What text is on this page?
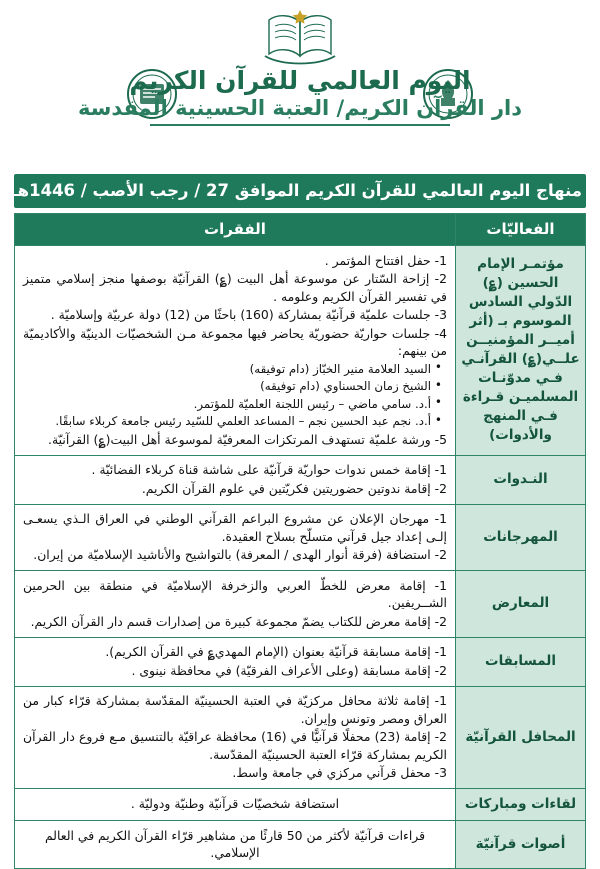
اليوم العالمي للقرآن الكريم
دار القرآن الكريم/ العتبة الحسينية المقدسة
منهاج اليوم العالمي للقرآن الكريم الموافق 27 / رجب الأصب / 1446هـ
الفعاليّات	الفقرات
مؤتمـر الإمام الحسين (؏) الدّولي السادس الموسوم بـ (أثر أميــر المؤمنيــن علــي(؏) القرآنـي فـي مدوّنـات المسلميـن قـراءة فـي المنهج والأدوات)	
1- حفل افتتاح المؤتمر .
2- إزاحة السّتار عن موسوعة أهل البيت (؏) القرآنيّة بوصفها منجز إسلامي متميز في تفسير القرآن الكريم وعلومه .
3- جلسات علميّة قرآنيّة بمشاركة (160) باحثًا من (12) دولة عربيّة وإسلاميّة .
4- جلسات حواريّة حضوريّة يحاضر فيها مجموعة مـن الشخصيّات الدينيّة والأكاديميّة من بينهم:
• السيد العلامة منير الخبّاز (دام توفيقه)
• الشيخ زمان الحسناوي (دام توفيقه)
• أ.د. سامي ماضي – رئيس اللجنة العلميّة للمؤتمر.
• أ.د. نجم عبد الحسين نجم – المساعد العلمي للسّيد رئيس جامعة كربلاء سابقًا.
5- ورشة علميّة تستهدف المرتكزات المعرفيّة لموسوعة أهل البيت(؏) القرآنيّة.

النـدوات	1- إقامة خمس ندوات حواريّة قرآنيّة على شاشة قناة كربلاء الفضائيّة .
2- إقامة ندوتين حضوريتين فكريّتين في علوم القرآن الكريم.

المهرجانات	1- مهرجان الإعلان عن مشروع البراعم القرآني الوطني في العراق الـذي يسعـى إلـى إعداد جيل قرآني متسلّح بسلاح العقيدة.
2- استضافة (فرقة أنوار الهدى / المعرفة) بالتواشيح والأناشيد الإسلاميّة من إيران.

المعارض	1- إقامة معرض للخطّ العربي والزخرفة الإسلاميّة في منطقة بين الحرمين الشــريفين.
2- إقامة معرض للكتاب يضمّ مجموعة كبيرة من إصدارات قسم دار القرآن الكريم.

المسابقات	1- إقامة مسابقة قرآنيّة بعنوان (الإمام المهدي؏ في القرآن الكريم).
2- إقامة مسابقة (وعلى الأعراف الفرقيّة) في محافظة نينوى .

المحافل القرآنيّة	1- إقامة ثلاثة محافل مركزيّة في العتبة الحسينيّة المقدّسة بمشاركة قرّاء كبار من العراق ومصر وتونس وإيران.
2- إقامة (23) محفلًا قرآنيًّا في (16) محافظة عراقيّة بالتنسيق مـع فروع دار القرآن الكريم بمشاركة قرّاء العتبة الحسينيّة المقدّسة.
3- محفل قرآني مركزي في جامعة واسط.

لقاءات ومباركات	استضافة شخصيّات قرآنيّة وطنيّة ودوليّة .

أصوات قرآنيّة	قراءات قرآنيّة لأكثر من 50 قارئًا من مشاهير قرّاء القرآن الكريم في العالم الإسلامي.
